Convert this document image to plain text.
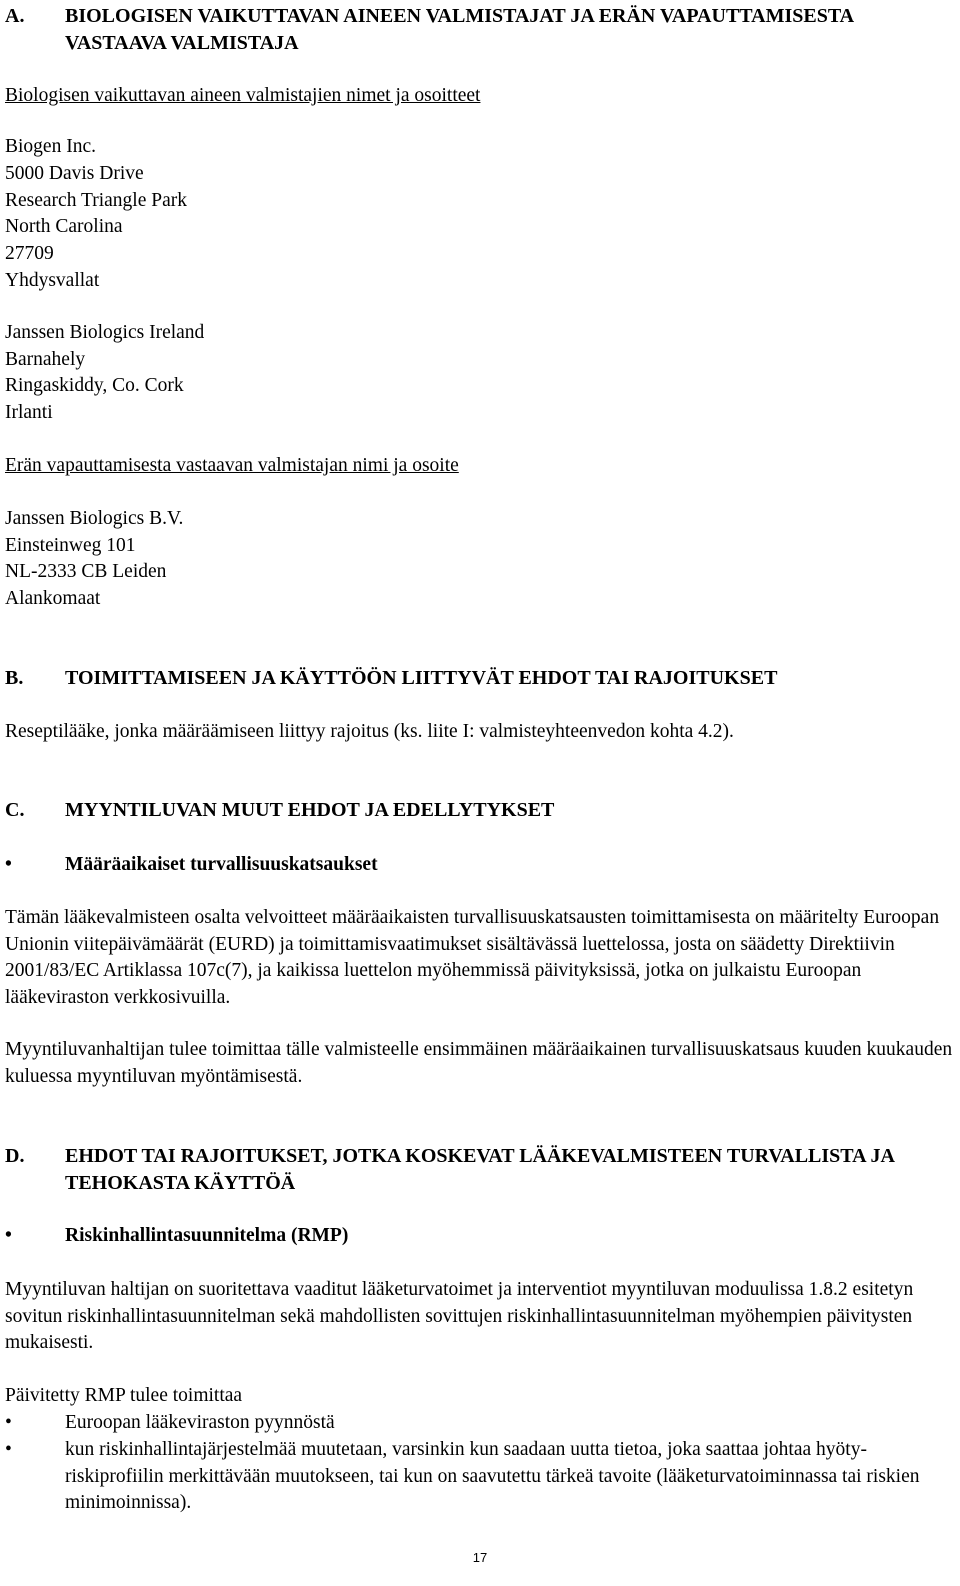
A. BIOLOGISEN VAIKUTTAVAN AINEEN VALMISTAJAT JA ERÄN VAPAUTTAMISESTA VASTAAVA VALMISTAJA
Biologisen vaikuttavan aineen valmistajien nimet ja osoitteet
Biogen Inc.
5000 Davis Drive
Research Triangle Park
North Carolina
27709
Yhdysvallat
Janssen Biologics Ireland
Barnahely
Ringaskiddy, Co. Cork
Irlanti
Erän vapauttamisesta vastaavan valmistajan nimi ja osoite
Janssen Biologics B.V.
Einsteinweg 101
NL-2333 CB Leiden
Alankomaat
B. TOIMITTAMISEEN JA KÄYTTÖÖN LIITTYVÄT EHDOT TAI RAJOITUKSET
Reseptilääke, jonka määräämiseen liittyy rajoitus (ks. liite I: valmisteyhteenvedon kohta 4.2).
C. MYYNTILUVAN MUUT EHDOT JA EDELLYTYKSET
•	Määräaikaiset turvallisuuskatsaukset
Tämän lääkevalmisteen osalta velvoitteet määräaikaisten turvallisuuskatsausten toimittamisesta on määritelty Euroopan Unionin viitepäivämäärät (EURD) ja toimittamisvaatimukset sisältävässä luettelossa, josta on säädetty Direktiivin 2001/83/EC Artiklassa 107c(7), ja kaikissa luettelon myöhemmissä päivityksissä, jotka on julkaistu Euroopan lääkeviraston verkkosivuilla.
Myyntiluvanhaltijan tulee toimittaa tälle valmisteelle ensimmäinen määräaikainen turvallisuuskatsaus kuuden kuukauden kuluessa myyntiluvan myöntämisestä.
D. EHDOT TAI RAJOITUKSET, JOTKA KOSKEVAT LÄÄKEVALMISTEEN TURVALLISTA JA TEHOKASTA KÄYTTÖÄ
•	Riskinhallintasuunnitelma (RMP)
Myyntiluvan haltijan on suoritettava vaaditut lääketurvatoimet ja interventiot myyntiluvan moduulissa 1.8.2 esitetyn sovitun riskinhallintasuunnitelman sekä mahdollisten sovittujen riskinhallintasuunnitelman myöhempien päivitysten mukaisesti.
Päivitetty RMP tulee toimittaa
•	Euroopan lääkeviraston pyynnöstä
•	kun riskinhallintajärjestelmää muutetaan, varsinkin kun saadaan uutta tietoa, joka saattaa johtaa hyöty-riskiprofiilin merkittävään muutokseen, tai kun on saavutettu tärkeä tavoite (lääketurvatoiminnassa tai riskien minimoinnissa).
17
